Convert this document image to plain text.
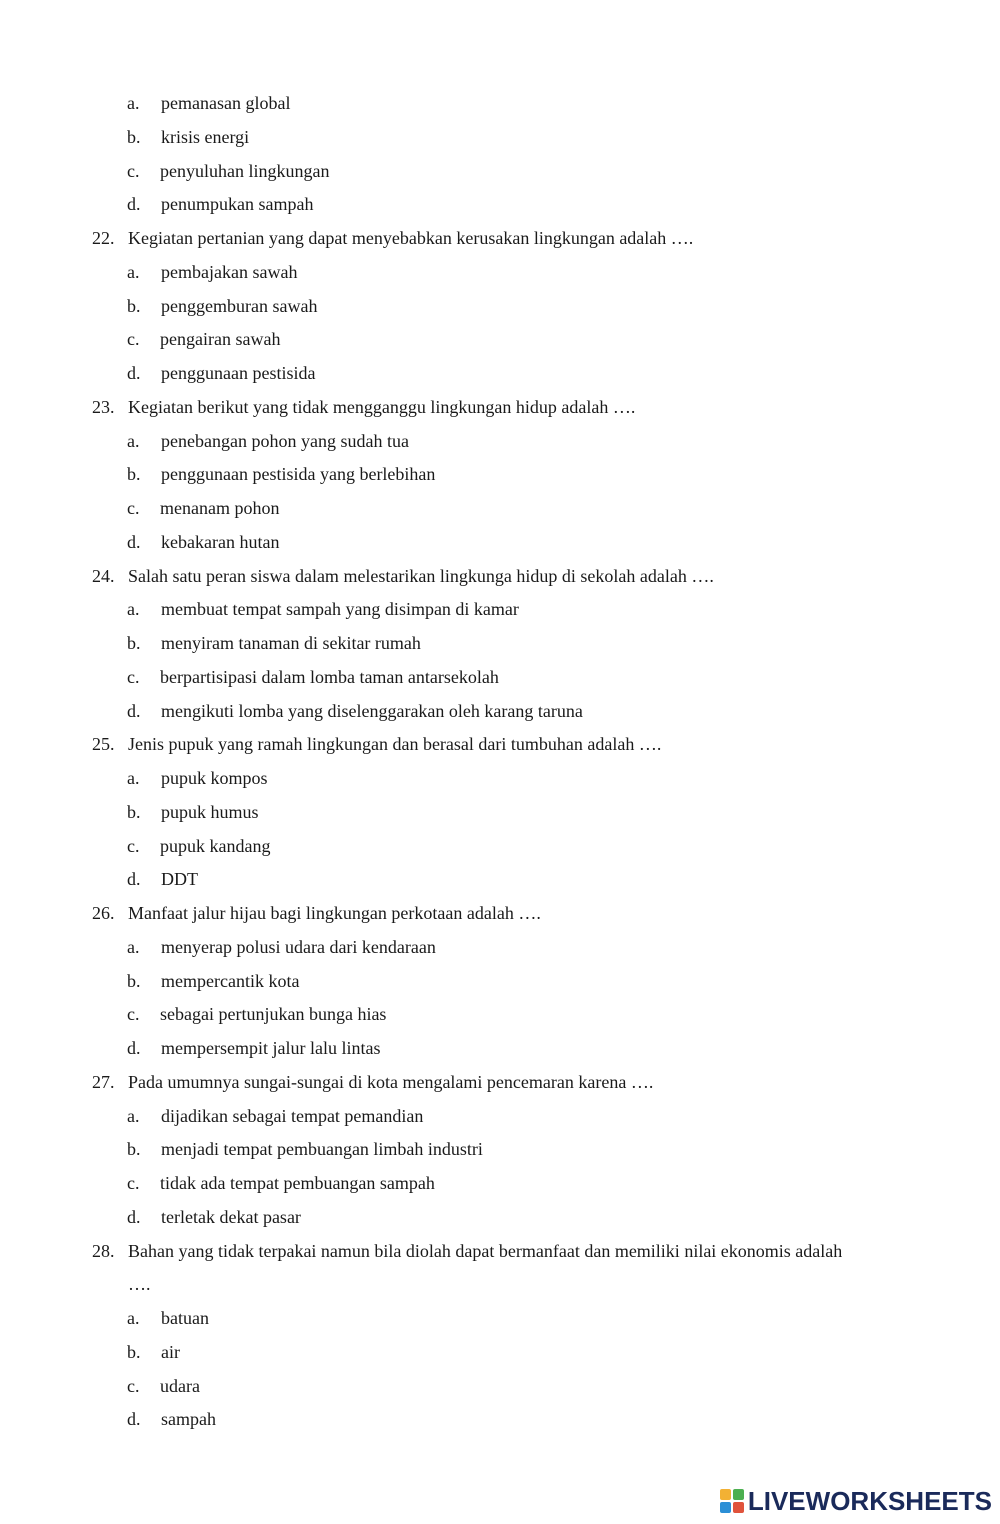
a. pemanasan global
b. krisis energi
c. penyuluhan lingkungan
d. penumpukan sampah
22. Kegiatan pertanian yang dapat menyebabkan kerusakan lingkungan adalah ….
a. pembajakan sawah
b. penggemburan sawah
c. pengairan sawah
d. penggunaan pestisida
23. Kegiatan berikut yang tidak mengganggu lingkungan hidup adalah ….
a. penebangan pohon yang sudah tua
b. penggunaan pestisida yang berlebihan
c. menanam pohon
d. kebakaran hutan
24. Salah satu peran siswa dalam melestarikan lingkunga hidup di sekolah adalah ….
a. membuat tempat sampah yang disimpan di kamar
b. menyiram tanaman di sekitar rumah
c. berpartisipasi dalam lomba taman antarsekolah
d. mengikuti lomba yang diselenggarakan oleh karang taruna
25. Jenis pupuk yang ramah lingkungan dan berasal dari tumbuhan adalah ….
a. pupuk kompos
b. pupuk humus
c. pupuk kandang
d. DDT
26. Manfaat jalur hijau bagi lingkungan perkotaan adalah ….
a. menyerap polusi udara dari kendaraan
b. mempercantik kota
c. sebagai pertunjukan bunga hias
d. mempersempit jalur lalu lintas
27. Pada umumnya sungai-sungai di kota mengalami pencemaran karena ….
a. dijadikan sebagai tempat pemandian
b. menjadi tempat pembuangan limbah industri
c. tidak ada tempat pembuangan sampah
d. terletak dekat pasar
28. Bahan yang tidak terpakai namun bila diolah dapat bermanfaat dan memiliki nilai ekonomis adalah
….
a. batuan
b. air
c. udara
d. sampah
LIVEWORKSHEETS
